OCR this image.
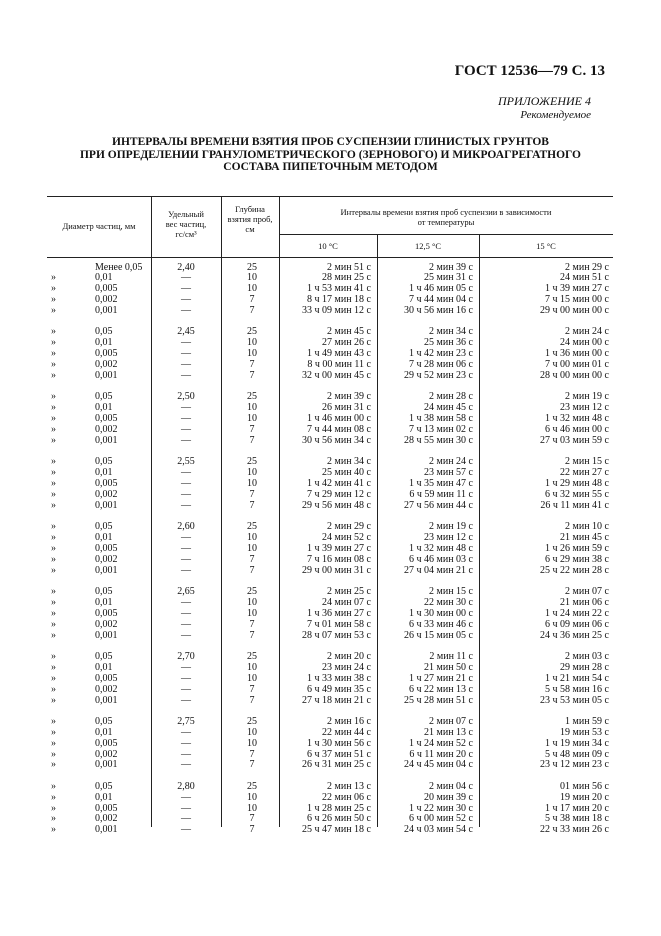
ГОСТ 12536—79 С. 13
ПРИЛОЖЕНИЕ 4
Рекомендуемое
ИНТЕРВАЛЫ ВРЕМЕНИ ВЗЯТИЯ ПРОБ СУСПЕНЗИИ ГЛИНИСТЫХ ГРУНТОВ
ПРИ ОПРЕДЕЛЕНИИ ГРАНУЛОМЕТРИЧЕСКОГО (ЗЕРНОВОГО) И МИКРОАГРЕГАТНОГО
СОСТАВА ПИПЕТОЧНЫМ МЕТОДОМ
Диаметр частиц, мм
Удельный
вес частиц,
гс/см³
Глубина
взятия проб,
см
Интервалы времени взятия проб суспензии в зависимости
от температуры
10 °С	12,5 °С	15 °С
Менее 0,05	2,40	25	2 мин 51 с	2 мин 39 с	2 мин 29 с
»	0,01	—	10	28 мин 25 с	25 мин 31 с	24 мин 51 с
»	0,005	—	10	1 ч 53 мин 41 с	1 ч 46 мин 05 с	1 ч 39 мин 27 с
»	0,002	—	7	8 ч 17 мин 18 с	7 ч 44 мин 04 с	7 ч 15 мин 00 с
»	0,001	—	7	33 ч 09 мин 12 с	30 ч 56 мин 16 с	29 ч 00 мин 00 с
»	0,05	2,45	25	2 мин 45 с	2 мин 34 с	2 мин 24 с
»	0,01	—	10	27 мин 26 с	25 мин 36 с	24 мин 00 с
»	0,005	—	10	1 ч 49 мин 43 с	1 ч 42 мин 23 с	1 ч 36 мин 00 с
»	0,002	—	7	8 ч 00 мин 11 с	7 ч 28 мин 06 с	7 ч 00 мин 01 с
»	0,001	—	7	32 ч 00 мин 45 с	29 ч 52 мин 23 с	28 ч 00 мин 00 с
»	0,05	2,50	25	2 мин 39 с	2 мин 28 с	2 мин 19 с
»	0,01	—	10	26 мин 31 с	24 мин 45 с	23 мин 12 с
»	0,005	—	10	1 ч 46 мин 00 с	1 ч 38 мин 58 с	1 ч 32 мин 48 с
»	0,002	—	7	7 ч 44 мин 08 с	7 ч 13 мин 02 с	6 ч 46 мин 00 с
»	0,001	—	7	30 ч 56 мин 34 с	28 ч 55 мин 30 с	27 ч 03 мин 59 с
»	0,05	2,55	25	2 мин 34 с	2 мин 24 с	2 мин 15 с
»	0,01	—	10	25 мин 40 с	23 мин 57 с	22 мин 27 с
»	0,005	—	10	1 ч 42 мин 41 с	1 ч 35 мин 47 с	1 ч 29 мин 48 с
»	0,002	—	7	7 ч 29 мин 12 с	6 ч 59 мин 11 с	6 ч 32 мин 55 с
»	0,001	—	7	29 ч 56 мин 48 с	27 ч 56 мин 44 с	26 ч 11 мин 41 с
»	0,05	2,60	25	2 мин 29 с	2 мин 19 с	2 мин 10 с
»	0,01	—	10	24 мин 52 с	23 мин 12 с	21 мин 45 с
»	0,005	—	10	1 ч 39 мин 27 с	1 ч 32 мин 48 с	1 ч 26 мин 59 с
»	0,002	—	7	7 ч 16 мин 08 с	6 ч 46 мин 03 с	6 ч 29 мин 38 с
»	0,001	—	7	29 ч 00 мин 31 с	27 ч 04 мин 21 с	25 ч 22 мин 28 с
»	0,05	2,65	25	2 мин 25 с	2 мин 15 с	2 мин 07 с
»	0,01	—	10	24 мин 07 с	22 мин 30 с	21 мин 06 с
»	0,005	—	10	1 ч 36 мин 27 с	1 ч 30 мин 00 с	1 ч 24 мин 22 с
»	0,002	—	7	7 ч 01 мин 58 с	6 ч 33 мин 46 с	6 ч 09 мин 06 с
»	0,001	—	7	28 ч 07 мин 53 с	26 ч 15 мин 05 с	24 ч 36 мин 25 с
»	0,05	2,70	25	2 мин 20 с	2 мин 11 с	2 мин 03 с
»	0,01	—	10	23 мин 24 с	21 мин 50 с	29 мин 28 с
»	0,005	—	10	1 ч 33 мин 38 с	1 ч 27 мин 21 с	1 ч 21 мин 54 с
»	0,002	—	7	6 ч 49 мин 35 с	6 ч 22 мин 13 с	5 ч 58 мин 16 с
»	0,001	—	7	27 ч 18 мин 21 с	25 ч 28 мин 51 с	23 ч 53 мин 05 с
»	0,05	2,75	25	2 мин 16 с	2 мин 07 с	1 мин 59 с
»	0,01	—	10	22 мин 44 с	21 мин 13 с	19 мин 53 с
»	0,005	—	10	1 ч 30 мин 56 с	1 ч 24 мин 52 с	1 ч 19 мин 34 с
»	0,002	—	7	6 ч 37 мин 51 с	6 ч 11 мин 20 с	5 ч 48 мин 09 с
»	0,001	—	7	26 ч 31 мин 25 с	24 ч 45 мин 04 с	23 ч 12 мин 23 с
»	0,05	2,80	25	2 мин 13 с	2 мин 04 с	01 мин 56 с
»	0,01	—	10	22 мин 06 с	20 мин 39 с	19 мин 20 с
»	0,005	—	10	1 ч 28 мин 25 с	1 ч 22 мин 30 с	1 ч 17 мин 20 с
»	0,002	—	7	6 ч 26 мин 50 с	6 ч 00 мин 52 с	5 ч 38 мин 18 с
»	0,001	—	7	25 ч 47 мин 18 с	24 ч 03 мин 54 с	22 ч 33 мин 26 с
